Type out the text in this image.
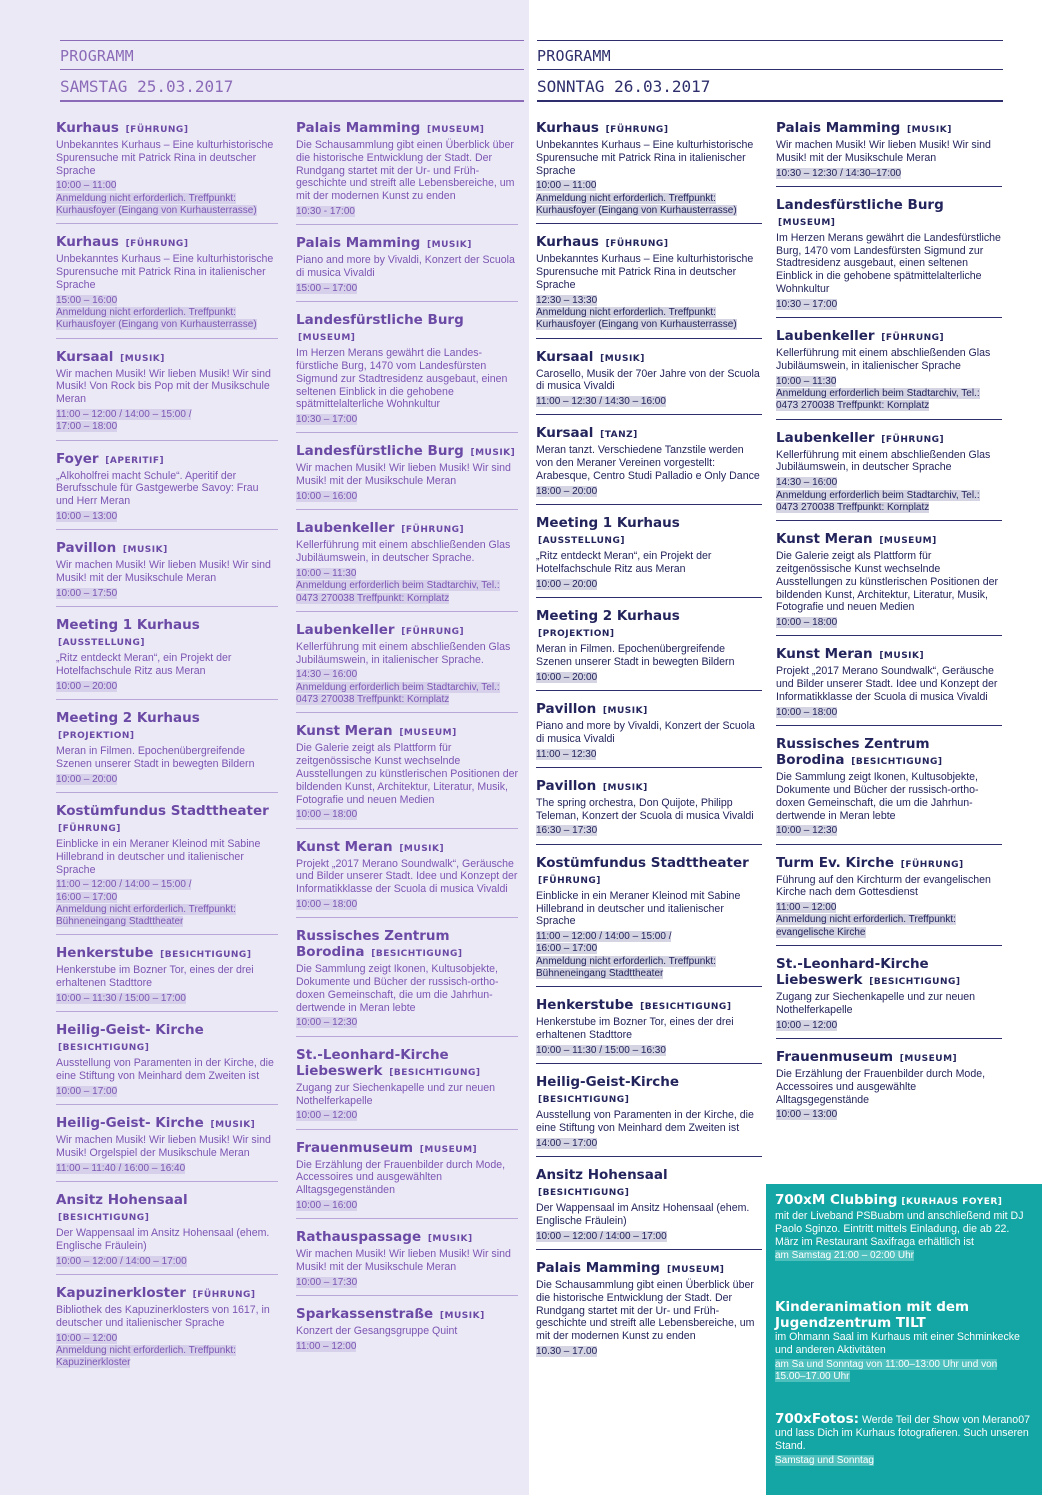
PROGRAMM
SAMSTAG 25.03.2017
Kurhaus [FÜHRUNG]
Unbekanntes Kurhaus – Eine kulturhistorische Spurensuche mit Patrick Rina in deutscher Sprache
10:00 – 11:00
Anmeldung nicht erforderlich. Treffpunkt: Kurhausfoyer (Eingang von Kurhausterrasse)
Kurhaus [FÜHRUNG]
Unbekanntes Kurhaus – Eine kulturhistorische Spurensuche mit Patrick Rina in italienischer Sprache
15:00 – 16:00
Anmeldung nicht erforderlich. Treffpunkt: Kurhausfoyer (Eingang von Kurhausterrasse)
Kursaal [MUSIK]
Wir machen Musik! Wir lieben Musik! Wir sind Musik! Von Rock bis Pop mit der Musikschule Meran
11:00 – 12:00 / 14:00 – 15:00 /
17:00 – 18:00
Foyer [APERITIF]
„Alkoholfrei macht Schule“. Aperitif der Berufsschule für Gastgewerbe Savoy: Frau und Herr Meran
10:00 – 13:00
Pavillon [MUSIK]
Wir machen Musik! Wir lieben Musik! Wir sind Musik! mit der Musikschule Meran
10:00 – 17:50
Meeting 1 Kurhaus [AUSSTELLUNG]
„Ritz entdeckt Meran“, ein Projekt der Hotelfachschule Ritz aus Meran
10:00 – 20:00
Meeting 2 Kurhaus [PROJEKTION]
Meran in Filmen. Epochenübergreifende Szenen unserer Stadt in bewegten Bildern
10:00 – 20:00
Kostümfundus Stadttheater [FÜHRUNG]
Einblicke in ein Meraner Kleinod mit Sabine Hillebrand in deutscher und italienischer Sprache
11:00 – 12:00 / 14:00 – 15:00 /
16:00 – 17:00
Anmeldung nicht erforderlich. Treffpunkt: Bühneneingang Stadttheater
Henkerstube [BESICHTIGUNG]
Henkerstube im Bozner Tor, eines der drei erhaltenen Stadttore
10:00 – 11:30 / 15:00 – 17:00
Heilig-Geist- Kirche [BESICHTIGUNG]
Ausstellung von Paramenten in der Kirche, die eine Stiftung von Meinhard dem Zweiten ist
10:00 – 17:00
Heilig-Geist- Kirche [MUSIK]
Wir machen Musik! Wir lieben Musik! Wir sind Musik! Orgelspiel der Musikschule Meran
11:00 – 11:40 / 16:00 – 16:40
Ansitz Hohensaal [BESICHTIGUNG]
Der Wappensaal im Ansitz Hohensaal (ehem. Englische Fräulein)
10:00 – 12:00 / 14:00 – 17:00
Kapuzinerkloster [FÜHRUNG]
Bibliothek des Kapuzinerklosters von 1617, in deutscher und italienischer Sprache
10:00 – 12:00
Anmeldung nicht erforderlich. Treffpunkt: Kapuzinerkloster
Palais Mamming [MUSEUM]
Die Schausammlung gibt einen Überblick über die historische Entwicklung der Stadt. Der Rundgang startet mit der Ur- und Frühgeschichte und streift alle Lebensbereiche, um mit der modernen Kunst zu enden
10:30 - 17:00
Palais Mamming [MUSIK]
Piano and more by Vivaldi, Konzert der Scuola di musica Vivaldi
15:00 – 17:00
Landesfürstliche Burg [MUSEUM]
Im Herzen Merans gewährt die Landesfürstliche Burg, 1470 vom Landesfürsten Sigmund zur Stadtresidenz ausgebaut, einen seltenen Einblick in die gehobene spätmittelalterliche Wohnkultur
10:30 – 17:00
Landesfürstliche Burg [MUSIK]
Wir machen Musik! Wir lieben Musik! Wir sind Musik! mit der Musikschule Meran
10:00 – 16:00
Laubenkeller [FÜHRUNG]
Kellerführung mit einem abschließenden Glas Jubiläumswein, in deutscher Sprache.
10:00 – 11:30
Anmeldung erforderlich beim Stadtarchiv, Tel.: 0473 270038 Treffpunkt: Kornplatz
Laubenkeller [FÜHRUNG]
Kellerführung mit einem abschließenden Glas Jubiläumswein, in italienischer Sprache.
14:30 – 16:00
Anmeldung erforderlich beim Stadtarchiv, Tel.: 0473 270038 Treffpunkt: Kornplatz
Kunst Meran [MUSEUM]
Die Galerie zeigt als Plattform für zeitgenössische Kunst wechselnde Ausstellungen zu künstlerischen Positionen der bildenden Kunst, Architektur, Literatur, Musik, Fotografie und neuen Medien
10:00 – 18:00
Kunst Meran [MUSIK]
Projekt „2017 Merano Soundwalk“, Geräusche und Bilder unserer Stadt. Idee und Konzept der Informatikklasse der Scuola di musica Vivaldi
10:00 – 18:00
Russisches Zentrum Borodina [BESICHTIGUNG]
Die Sammlung zeigt Ikonen, Kultusobjekte, Dokumente und Bücher der russisch-orthodoxen Gemeinschaft, die um die Jahrhundertwende in Meran lebte
10:00 – 12:30
St.-Leonhard-Kirche Liebeswerk [BESICHTIGUNG]
Zugang zur Siechenkapelle und zur neuen Nothelferkapelle
10:00 – 12:00
Frauenmuseum [MUSEUM]
Die Erzählung der Frauenbilder durch Mode, Accessoires und ausgewählten Alltagsgegenständen
10:00 – 16:00
Rathauspassage [MUSIK]
Wir machen Musik! Wir lieben Musik! Wir sind Musik! mit der Musikschule Meran
10:00 – 17:30
Sparkassenstraße [MUSIK]
Konzert der Gesangsgruppe Quint
11:00 – 12:00
PROGRAMM
SONNTAG 26.03.2017
Kurhaus [FÜHRUNG]
Unbekanntes Kurhaus – Eine kulturhistorische Spurensuche mit Patrick Rina in italienischer Sprache
10:00 – 11:00
Anmeldung nicht erforderlich. Treffpunkt: Kurhausfoyer (Eingang von Kurhausterrasse)
Kurhaus [FÜHRUNG]
Unbekanntes Kurhaus – Eine kulturhistorische Spurensuche mit Patrick Rina in deutscher Sprache
12:30 – 13:30
Anmeldung nicht erforderlich. Treffpunkt: Kurhausfoyer (Eingang von Kurhausterrasse)
Kursaal [MUSIK]
Carosello, Musik der 70er Jahre von der Scuola di musica Vivaldi
11:00 – 12:30 / 14:30 – 16:00
Kursaal [TANZ]
Meran tanzt. Verschiedene Tanzstile werden von den Meraner Vereinen vorgestellt: Arabesque, Centro Studi Palladio e Only Dance
18:00 – 20:00
Meeting 1 Kurhaus [AUSSTELLUNG]
„Ritz entdeckt Meran“, ein Projekt der Hotelfachschule Ritz aus Meran
10:00 – 20:00
Meeting 2 Kurhaus [PROJEKTION]
Meran in Filmen. Epochenübergreifende Szenen unserer Stadt in bewegten Bildern
10:00 – 20:00
Pavillon [MUSIK]
Piano and more by Vivaldi, Konzert der Scuola di musica Vivaldi
11:00 – 12:30
Pavillon [MUSIK]
The spring orchestra, Don Quijote, Philipp Teleman, Konzert der Scuola di musica Vivaldi
16:30 – 17:30
Kostümfundus Stadttheater [FÜHRUNG]
Einblicke in ein Meraner Kleinod mit Sabine Hillebrand in deutscher und italienischer Sprache
11:00 – 12:00 / 14:00 – 15:00 /
16:00 – 17:00
Anmeldung nicht erforderlich. Treffpunkt: Bühneneingang Stadttheater
Henkerstube [BESICHTIGUNG]
Henkerstube im Bozner Tor, eines der drei erhaltenen Stadttore
10:00 – 11:30 / 15:00 – 16:30
Heilig-Geist-Kirche [BESICHTIGUNG]
Ausstellung von Paramenten in der Kirche, die eine Stiftung von Meinhard dem Zweiten ist
14:00 – 17:00
Ansitz Hohensaal [BESICHTIGUNG]
Der Wappensaal im Ansitz Hohensaal (ehem. Englische Fräulein)
10:00 – 12:00 / 14:00 – 17:00
Palais Mamming [MUSEUM]
Die Schausammlung gibt einen Überblick über die historische Entwicklung der Stadt. Der Rundgang startet mit der Ur- und Frühgeschichte und streift alle Lebensbereiche, um mit der modernen Kunst zu enden
10.30 – 17.00
Palais Mamming [MUSIK]
Wir machen Musik! Wir lieben Musik! Wir sind Musik! mit der Musikschule Meran
10:30 – 12:30 / 14:30–17:00
Landesfürstliche Burg [MUSEUM]
Im Herzen Merans gewährt die Landesfürstliche Burg, 1470 vom Landesfürsten Sigmund zur Stadtresidenz ausgebaut, einen seltenen Einblick in die gehobene spätmittelalterliche Wohnkultur
10:30 – 17:00
Laubenkeller [FÜHRUNG]
Kellerführung mit einem abschließenden Glas Jubiläumswein, in italienischer Sprache
10:00 – 11:30
Anmeldung erforderlich beim Stadtarchiv, Tel.: 0473 270038 Treffpunkt: Kornplatz
Laubenkeller [FÜHRUNG]
Kellerführung mit einem abschließenden Glas Jubiläumswein, in deutscher Sprache
14:30 – 16:00
Anmeldung erforderlich beim Stadtarchiv, Tel.: 0473 270038 Treffpunkt: Kornplatz
Kunst Meran [MUSEUM]
Die Galerie zeigt als Plattform für zeitgenössische Kunst wechselnde Ausstellungen zu künstlerischen Positionen der bildenden Kunst, Architektur, Literatur, Musik, Fotografie und neuen Medien
10:00 – 18:00
Kunst Meran [MUSIK]
Projekt „2017 Merano Soundwalk“, Geräusche und Bilder unserer Stadt. Idee und Konzept der Informatikklasse der Scuola di musica Vivaldi
10:00 – 18:00
Russisches Zentrum Borodina [BESICHTIGUNG]
Die Sammlung zeigt Ikonen, Kultusobjekte, Dokumente und Bücher der russisch-orthodoxen Gemeinschaft, die um die Jahrhundertwende in Meran lebte
10:00 – 12:30
Turm Ev. Kirche [FÜHRUNG]
Führung auf den Kirchturm der evangelischen Kirche nach dem Gottesdienst
11:00 – 12:00
Anmeldung nicht erforderlich. Treffpunkt: evangelische Kirche
St.-Leonhard-Kirche Liebeswerk [BESICHTIGUNG]
Zugang zur Siechenkapelle und zur neuen Nothelferkapelle
10:00 – 12:00
Frauenmuseum [MUSEUM]
Die Erzählung der Frauenbilder durch Mode, Accessoires und ausgewählte Alltagsgegenstände
10:00 – 13:00
700xM Clubbing [KURHAUS FOYER]
mit der Liveband PSBuabm und anschließend mit DJ Paolo Sginzo. Eintritt mittels Einladung, die ab 22. März im Restaurant Saxifraga erhältlich ist
am Samstag 21:00 – 02:00 Uhr
Kinderanimation mit dem Jugendzentrum TILT
im Ohmann Saal im Kurhaus mit einer Schminkecke und anderen Aktivitäten
am Sa und Sonntag von 11:00–13:00 Uhr und von 15.00–17.00 Uhr
700xFotos: Werde Teil der Show von Merano07 und lass Dich im Kurhaus fotografieren. Such unseren Stand.
Samstag und Sonntag
